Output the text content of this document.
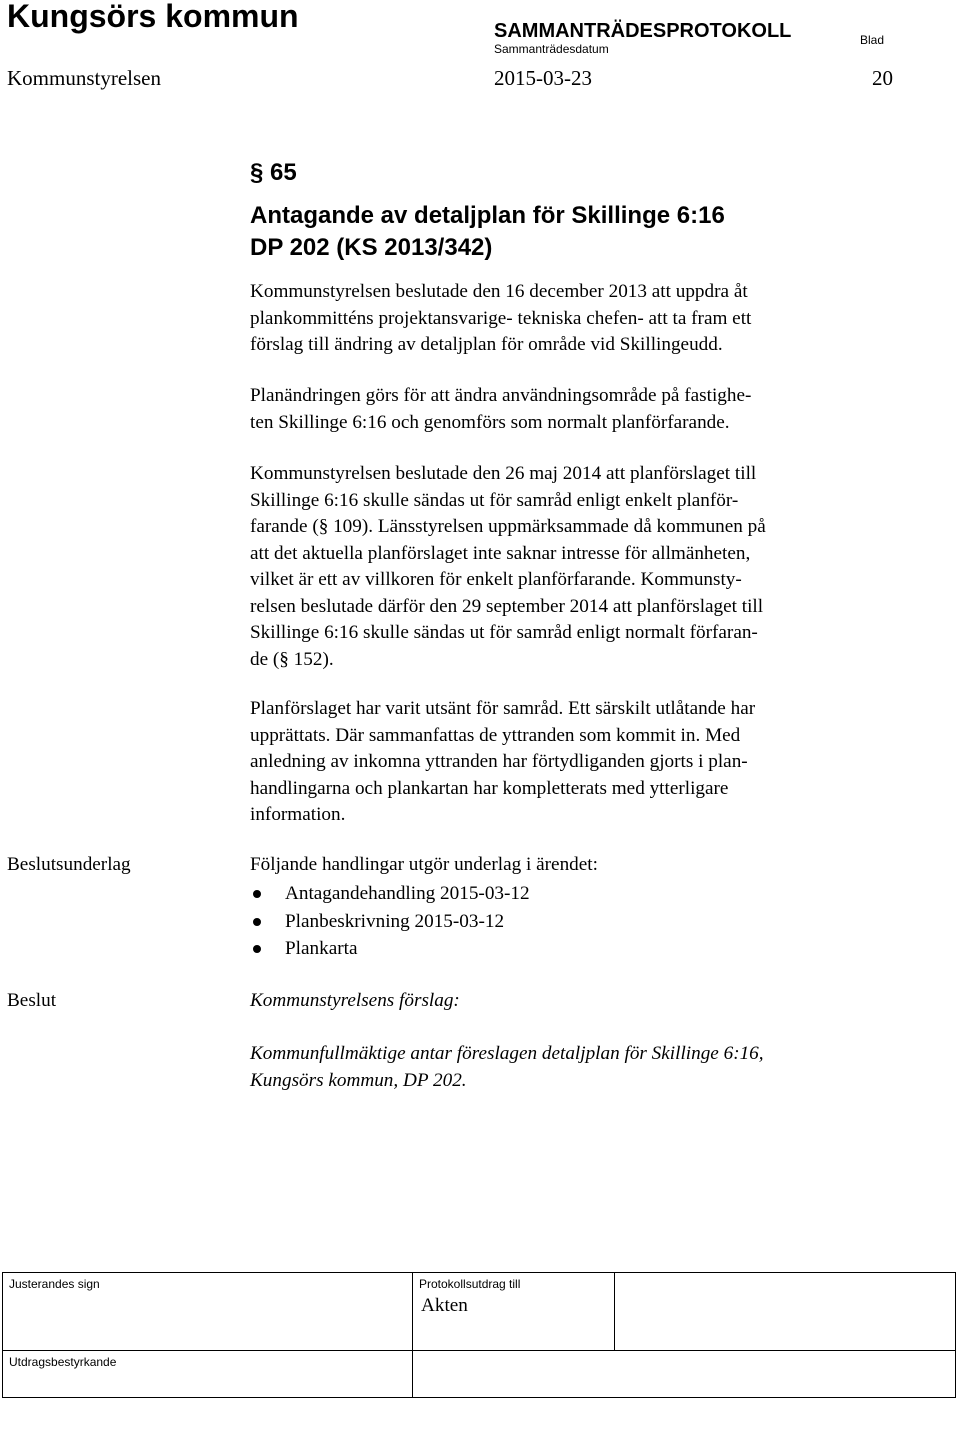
Kungsörs kommun	SAMMANTRÄDESPROTOKOLL
Sammanträdesdatum
Blad
Kommunstyrelsen	2015-03-23	20
§ 65
Antagande av detaljplan för Skillinge 6:16
DP 202 (KS 2013/342)
Kommunstyrelsen beslutade den 16 december 2013 att uppdra åt
plankommitténs projektansvarige- tekniska chefen- att ta fram ett
förslag till ändring av detaljplan för område vid Skillingeudd.
Planändringen görs för att ändra användningsområde på fastighe-
ten Skillinge 6:16 och genomförs som normalt planförfarande.
Kommunstyrelsen beslutade den 26 maj 2014 att planförslaget till
Skillinge 6:16 skulle sändas ut för samråd enligt enkelt planför-
farande (§ 109). Länsstyrelsen uppmärksammade då kommunen på
att det aktuella planförslaget inte saknar intresse för allmänheten,
vilket är ett av villkoren för enkelt planförfarande. Kommunsty-
relsen beslutade därför den 29 september 2014 att planförslaget till
Skillinge 6:16 skulle sändas ut för samråd enligt normalt förfaran-
de (§ 152).
Planförslaget har varit utsänt för samråd. Ett särskilt utlåtande har
upprättats. Där sammanfattas de yttranden som kommit in. Med
anledning av inkomna yttranden har förtydliganden gjorts i plan-
handlingarna och plankartan har kompletterats med ytterligare
information.
Beslutsunderlag	Följande handlingar utgör underlag i ärendet:
Antagandehandling 2015-03-12
Planbeskrivning 2015-03-12
Plankarta
Beslut	Kommunstyrelsens förslag:
Kommunfullmäktige antar föreslagen detaljplan för Skillinge 6:16,
Kungsörs kommun, DP 202.
Justerandes sign	Protokollsutdrag till
Akten
Utdragsbestyrkande
